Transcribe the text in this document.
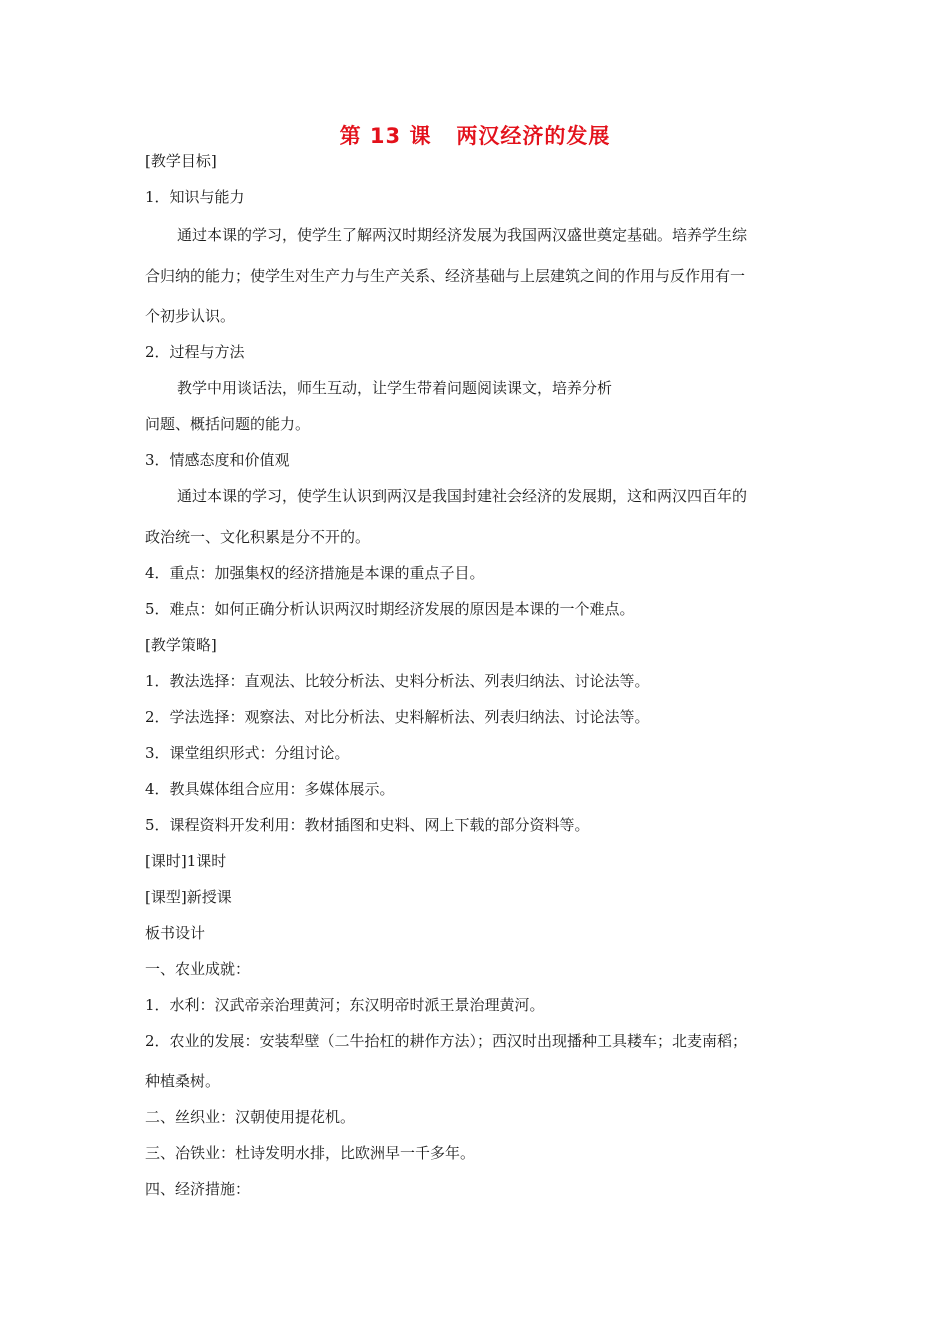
第 13 课   两汉经济的发展
[教学目标]
1．知识与能力
通过本课的学习，使学生了解两汉时期经济发展为我国两汉盛世奠定基础。培养学生综
合归纳的能力；使学生对生产力与生产关系、经济基础与上层建筑之间的作用与反作用有一
个初步认识。
2．过程与方法
教学中用谈话法，师生互动，让学生带着问题阅读课文，培养分析
问题、概括问题的能力。
3．情感态度和价值观
通过本课的学习，使学生认识到两汉是我国封建社会经济的发展期，这和两汉四百年的
政治统一、文化积累是分不开的。
4．重点：加强集权的经济措施是本课的重点子目。
5．难点：如何正确分析认识两汉时期经济发展的原因是本课的一个难点。
[教学策略]
1．教法选择：直观法、比较分析法、史料分析法、列表归纳法、讨论法等。
2．学法选择：观察法、对比分析法、史料解析法、列表归纳法、讨论法等。
3．课堂组织形式：分组讨论。
4．教具媒体组合应用：多媒体展示。
5．课程资料开发利用：教材插图和史料、网上下载的部分资料等。
[课时]1课时
[课型]新授课
板书设计
一、农业成就：
1．水利：汉武帝亲治理黄河；东汉明帝时派王景治理黄河。
2．农业的发展：安装犁壁（二牛抬杠的耕作方法）；西汉时出现播种工具耧车；北麦南稻；
种植桑树。
二、丝织业：汉朝使用提花机。
三、冶铁业：杜诗发明水排，比欧洲早一千多年。
四、经济措施：
